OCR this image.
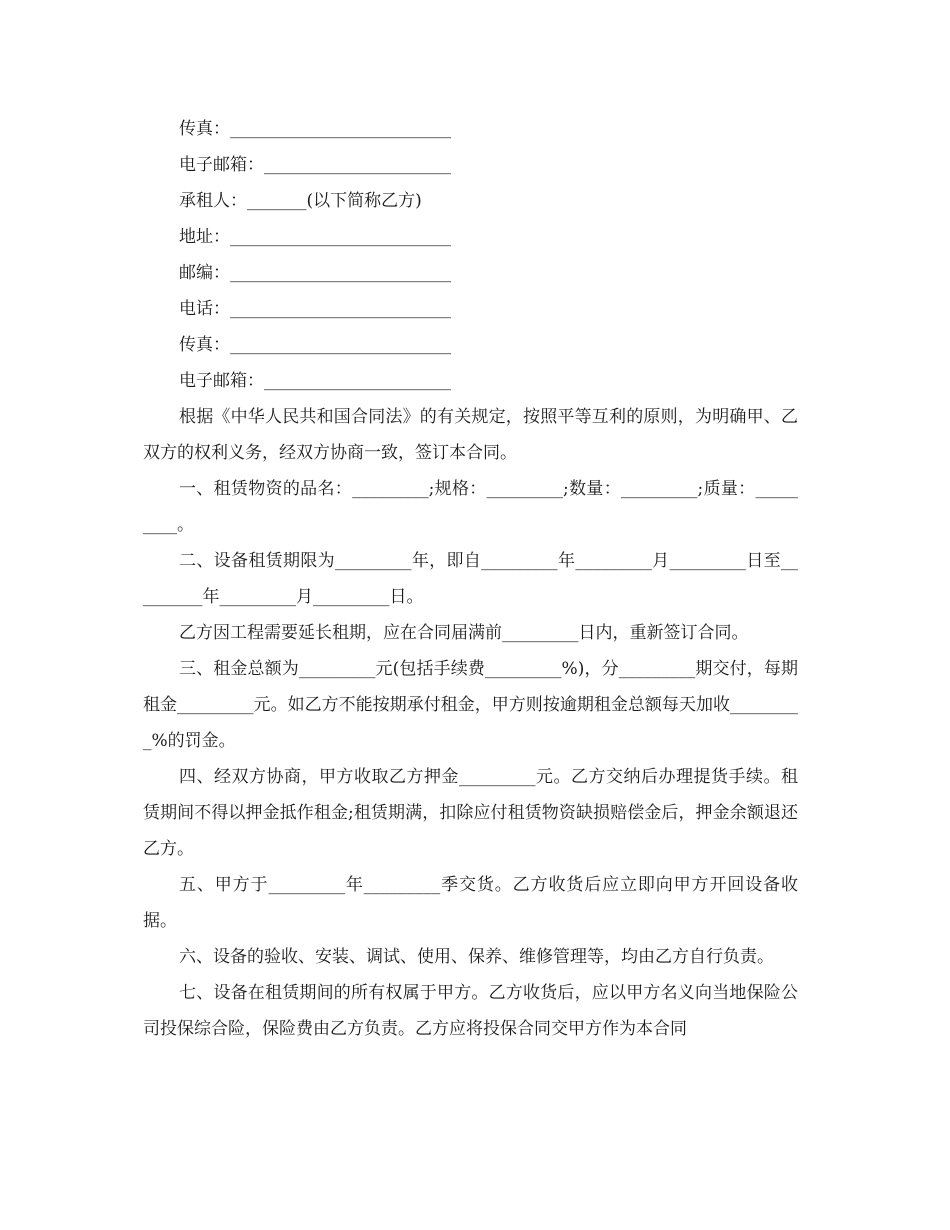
传真：__________________________
电子邮箱：______________________
承租人：_______(以下简称乙方)
地址：__________________________
邮编：__________________________
电话：__________________________
传真：__________________________
电子邮箱：______________________
根据《中华人民共和国合同法》的有关规定，按照平等互利的原则，为明确甲、乙双方的权利义务，经双方协商一致，签订本合同。
一、租赁物资的品名：_________;规格：_________;数量：_________;质量：_________。
二、设备租赁期限为_________年，即自_________年_________月_________日至_________年_________月_________日。
乙方因工程需要延长租期，应在合同届满前_________日内，重新签订合同。
三、租金总额为_________元(包括手续费_________%)，分_________期交付，每期租金_________元。如乙方不能按期承付租金，甲方则按逾期租金总额每天加收_________%的罚金。
四、经双方协商，甲方收取乙方押金_________元。乙方交纳后办理提货手续。租赁期间不得以押金抵作租金;租赁期满，扣除应付租赁物资缺损赔偿金后，押金余额退还乙方。
五、甲方于_________年_________季交货。乙方收货后应立即向甲方开回设备收据。
六、设备的验收、安装、调试、使用、保养、维修管理等，均由乙方自行负责。
七、设备在租赁期间的所有权属于甲方。乙方收货后，应以甲方名义向当地保险公司投保综合险，保险费由乙方负责。乙方应将投保合同交甲方作为本合同
